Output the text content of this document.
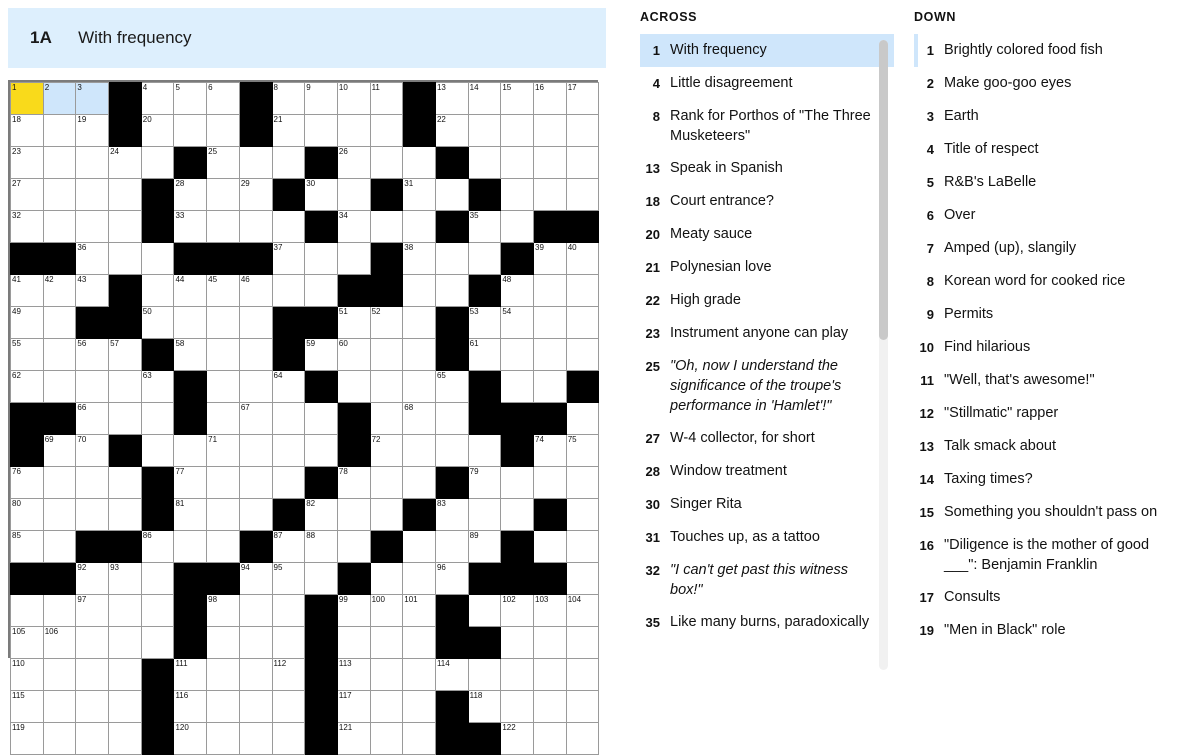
1A With frequency
1	2	3		4	5	6		8	9	10	11		13	14	15	16	17

18		19		20				21					22				

23			24			25				26							

27					28		29		30			31					

32					33					34				35			

		36						37				38				39	40

41	42	43			44	45	46								48		

49				50						51	52			53	54		

55		56	57		58				59	60				61			

62				63				64					65				

		66					67					68					

	69	70				71					72					74	75

76					77					78				79			

80					81				82				83				

85				86				87	88					89			

		92	93				94	95					96				

		97				98				99	100	101			102	103	104

105	106																

110					111			112		113			114				

115					116					117				118			

119					120					121					122		

ACROSS
1 With frequency
4 Little disagreement
8 Rank for Porthos of "The Three Musketeers"
13 Speak in Spanish
18 Court entrance?
20 Meaty sauce
21 Polynesian love
22 High grade
23 Instrument anyone can play
25 "Oh, now I understand the significance of the troupe's performance in 'Hamlet'!"
27 W-4 collector, for short
28 Window treatment
30 Singer Rita
31 Touches up, as a tattoo
32 "I can't get past this witness box!"
35 Like many burns, paradoxically
DOWN
1 Brightly colored food fish
2 Make goo-goo eyes
3 Earth
4 Title of respect
5 R&B's LaBelle
6 Over
7 Amped (up), slangily
8 Korean word for cooked rice
9 Permits
10 Find hilarious
11 "Well, that's awesome!"
12 "Stillmatic" rapper
13 Talk smack about
14 Taxing times?
15 Something you shouldn't pass on
16 "Diligence is the mother of good ___": Benjamin Franklin
17 Consults
19 "Men in Black" role
